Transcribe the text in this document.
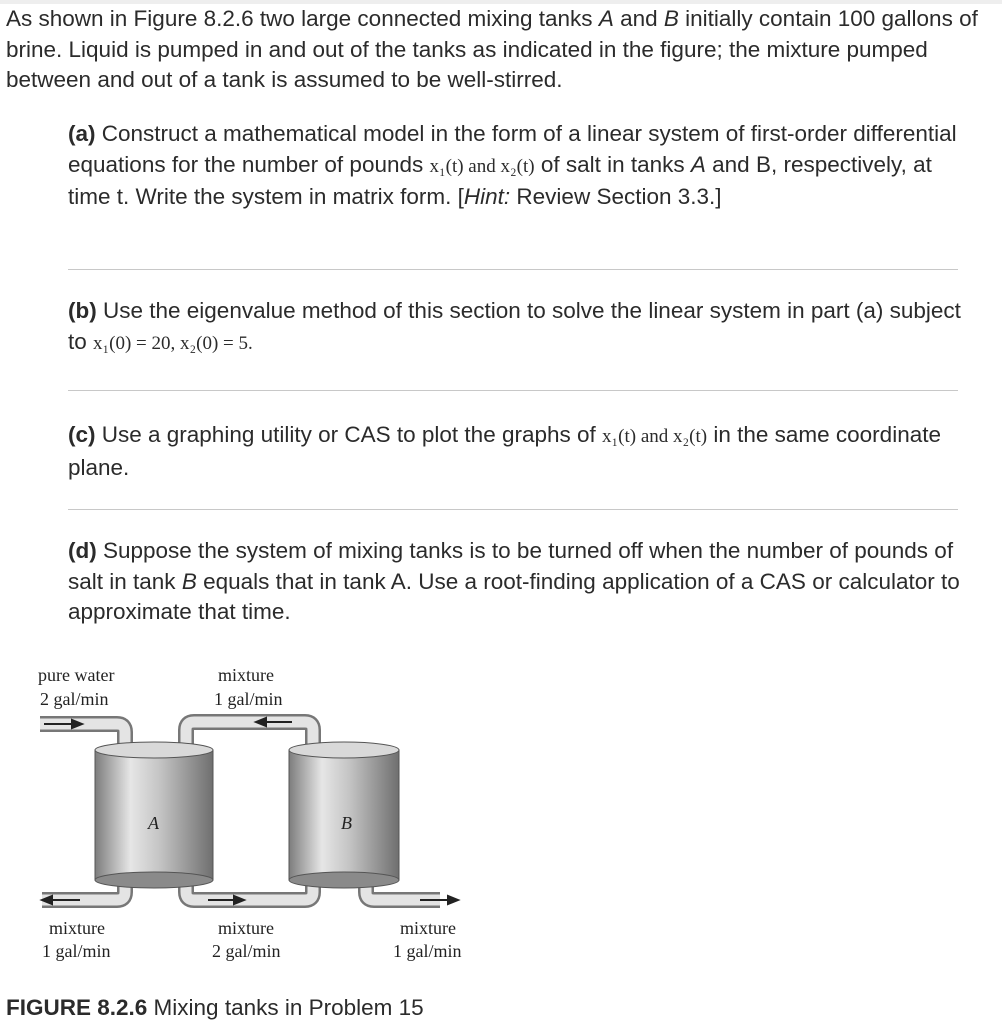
As shown in Figure 8.2.6 two large connected mixing tanks A and B initially contain 100 gallons of brine. Liquid is pumped in and out of the tanks as indicated in the figure; the mixture pumped between and out of a tank is assumed to be well-stirred.
(a) Construct a mathematical model in the form of a linear system of first-order differential equations for the number of pounds x₁(t) and x₂(t) of salt in tanks A and B, respectively, at time t. Write the system in matrix form. [Hint: Review Section 3.3.]
(b) Use the eigenvalue method of this section to solve the linear system in part (a) subject to x₁(0) = 20, x₂(0) = 5.
(c) Use a graphing utility or CAS to plot the graphs of x₁(t) and x₂(t) in the same coordinate plane.
(d) Suppose the system of mixing tanks is to be turned off when the number of pounds of salt in tank B equals that in tank A. Use a root-finding application of a CAS or calculator to approximate that time.
pure water
2 gal/min
mixture
1 gal/min
A	B
mixture
1 gal/min
mixture
2 gal/min
mixture
1 gal/min
FIGURE 8.2.6 Mixing tanks in Problem 15
